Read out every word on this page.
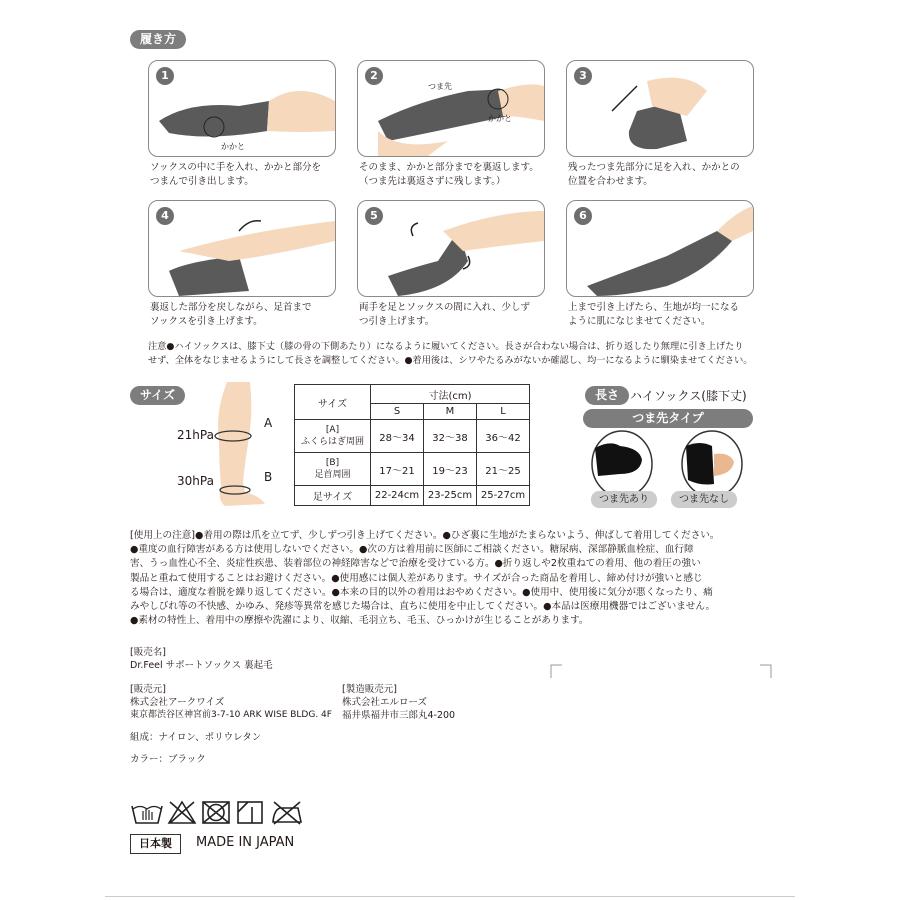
履き方
1
かかと
ソックスの中に手を入れ、かかと部分を
つまんで引き出します。
2
つま先
かかと
そのまま、かかと部分までを裏返します。
（つま先は裏返さずに残します。）
3
残ったつま先部分に足を入れ、かかとの
位置を合わせます。
4
裏返した部分を戻しながら、足首まで
ソックスを引き上げます。
5
両手を足とソックスの間に入れ、少しず
つ引き上げます。
6
上まで引き上げたら、生地が均一になる
ように肌になじませてください。
注意●ハイソックスは、膝下丈（膝の骨の下側あたり）になるように履いてください。長さが合わない場合は、折り返したり無理に引き上げたり
せず、全体をなじませるようにして長さを調整してください。●着用後は、シワやたるみがないか確認し、均一になるように馴染ませてください。
サイズ
21hPa
A
30hPa	B
サイズ	寸法(cm)		
	S	M	L

[A]
ふくらはぎ周囲	28～34	32～38	36～42

[B]
足首周囲	17～21	19～23	21～25
足サイズ	22-24cm	23-25cm	25-27cm
長さ ハイソックス(膝下丈)
つま先タイプ
つま先あり	つま先なし
[使用上の注意]●着用の際は爪を立てず、少しずつ引き上げてください。●ひざ裏に生地がたまらないよう、伸ばして着用してください。
●重度の血行障害がある方は使用しないでください。●次の方は着用前に医師にご相談ください。糖尿病、深部静脈血栓症、血行障
害、うっ血性心不全、炎症性疾患、装着部位の神経障害などで治療を受けている方。●折り返しや2枚重ねての着用、他の着圧の強い
製品と重ねて使用することはお避けください。●使用感には個人差があります。サイズが合った商品を着用し、締め付けが強いと感じ
る場合は、適度な着脱を繰り返してください。●本来の目的以外の着用はおやめください。●使用中、使用後に気分が悪くなったり、痛
みやしびれ等の不快感、かゆみ、発疹等異常を感じた場合は、直ちに使用を中止してください。●本品は医療用機器ではございません。
●素材の特性上、着用中の摩擦や洗濯により、収縮、毛羽立ち、毛玉、ひっかけが生じることがあります。
[販売名]
Dr.Feel サポートソックス 裏起毛
[販売元]
株式会社アークワイズ
東京都渋谷区神宮前3-7-10 ARK WISE BLDG. 4F
[製造販売元]
株式会社エルローズ
福井県福井市三郎丸4-200
組成：ナイロン、ポリウレタン
カラー：ブラック
日本製	MADE IN JAPAN
